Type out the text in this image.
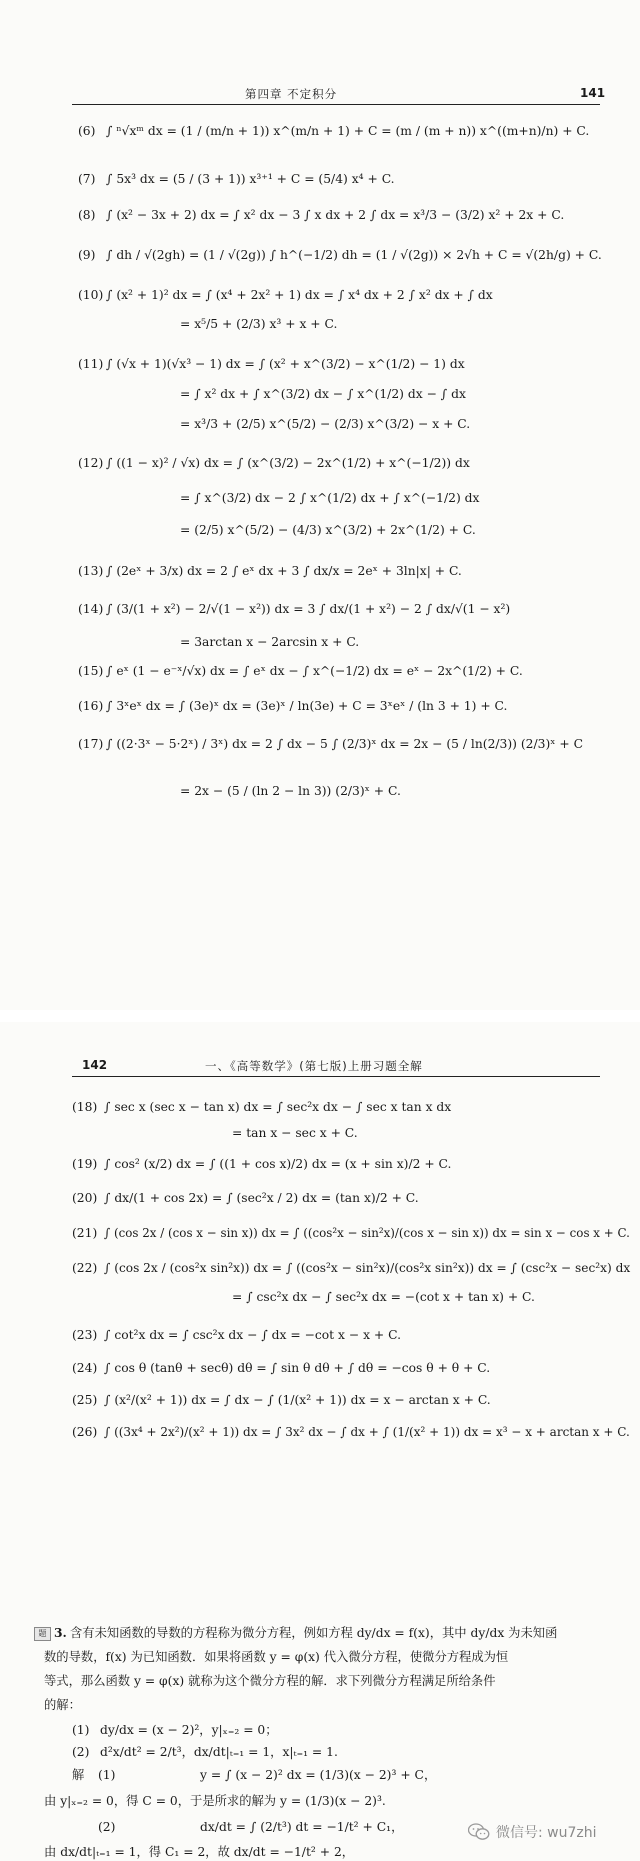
第四章 不定积分	141
(6) ∫ ⁿ√xᵐ dx = (1 / (m/n + 1)) x^(m/n + 1) + C = (m / (m + n)) x^((m+n)/n) + C.
(7) ∫ 5x³ dx = (5 / (3 + 1)) x³⁺¹ + C = (5/4) x⁴ + C.
(8) ∫ (x² − 3x + 2) dx = ∫ x² dx − 3 ∫ x dx + 2 ∫ dx = x³/3 − (3/2) x² + 2x + C.
(9) ∫ dh / √(2gh) = (1 / √(2g)) ∫ h^(−1/2) dh = (1 / √(2g)) × 2√h + C = √(2h/g) + C.
(10) ∫ (x² + 1)² dx = ∫ (x⁴ + 2x² + 1) dx = ∫ x⁴ dx + 2 ∫ x² dx + ∫ dx
= x⁵/5 + (2/3) x³ + x + C.
(11) ∫ (√x + 1)(√x³ − 1) dx = ∫ (x² + x^(3/2) − x^(1/2) − 1) dx
= ∫ x² dx + ∫ x^(3/2) dx − ∫ x^(1/2) dx − ∫ dx
= x³/3 + (2/5) x^(5/2) − (2/3) x^(3/2) − x + C.
(12) ∫ ((1 − x)² / √x) dx = ∫ (x^(3/2) − 2x^(1/2) + x^(−1/2)) dx
= ∫ x^(3/2) dx − 2 ∫ x^(1/2) dx + ∫ x^(−1/2) dx
= (2/5) x^(5/2) − (4/3) x^(3/2) + 2x^(1/2) + C.
(13) ∫ (2eˣ + 3/x) dx = 2 ∫ eˣ dx + 3 ∫ dx/x = 2eˣ + 3ln|x| + C.
(14) ∫ (3/(1 + x²) − 2/√(1 − x²)) dx = 3 ∫ dx/(1 + x²) − 2 ∫ dx/√(1 − x²)
= 3arctan x − 2arcsin x + C.
(15) ∫ eˣ (1 − e⁻ˣ/√x) dx = ∫ eˣ dx − ∫ x^(−1/2) dx = eˣ − 2x^(1/2) + C.
(16) ∫ 3ˣeˣ dx = ∫ (3e)ˣ dx = (3e)ˣ / ln(3e) + C = 3ˣeˣ / (ln 3 + 1) + C.
(17) ∫ ((2·3ˣ − 5·2ˣ) / 3ˣ) dx = 2 ∫ dx − 5 ∫ (2/3)ˣ dx = 2x − (5 / ln(2/3)) (2/3)ˣ + C
= 2x − (5 / (ln 2 − ln 3)) (2/3)ˣ + C.
142	一、《高等数学》(第七版)上册习题全解
(18) ∫ sec x (sec x − tan x) dx = ∫ sec²x dx − ∫ sec x tan x dx
= tan x − sec x + C.
(19) ∫ cos² (x/2) dx = ∫ ((1 + cos x)/2) dx = (x + sin x)/2 + C.
(20) ∫ dx/(1 + cos 2x) = ∫ (sec²x / 2) dx = (tan x)/2 + C.
(21) ∫ (cos 2x / (cos x − sin x)) dx = ∫ ((cos²x − sin²x)/(cos x − sin x)) dx = sin x − cos x + C.
(22) ∫ (cos 2x / (cos²x sin²x)) dx = ∫ ((cos²x − sin²x)/(cos²x sin²x)) dx = ∫ (csc²x − sec²x) dx
= ∫ csc²x dx − ∫ sec²x dx = −(cot x + tan x) + C.
(23) ∫ cot²x dx = ∫ csc²x dx − ∫ dx = −cot x − x + C.
(24) ∫ cos θ (tanθ + secθ) dθ = ∫ sin θ dθ + ∫ dθ = −cos θ + θ + C.
(25) ∫ (x²/(x² + 1)) dx = ∫ dx − ∫ (1/(x² + 1)) dx = x − arctan x + C.
(26) ∫ ((3x⁴ + 2x²)/(x² + 1)) dx = ∫ 3x² dx − ∫ dx + ∫ (1/(x² + 1)) dx = x³ − x + arctan x + C.
题 3. 含有未知函数的导数的方程称为微分方程，例如方程 dy/dx = f(x)，其中 dy/dx 为未知函
数的导数，f(x) 为已知函数．如果将函数 y = φ(x) 代入微分方程，使微分方程成为恒
等式，那么函数 y = φ(x) 就称为这个微分方程的解．求下列微分方程满足所给条件
的解：
(1) dy/dx = (x − 2)²，y|ₓ₌₂ = 0；
(2) d²x/dt² = 2/t³，dx/dt|ₜ₌₁ = 1，x|ₜ₌₁ = 1.
解 (1)	y = ∫ (x − 2)² dx = (1/3)(x − 2)³ + C，
由 y|ₓ₌₂ = 0，得 C = 0，于是所求的解为 y = (1/3)(x − 2)³.
(2)	dx/dt = ∫ (2/t³) dt = −1/t² + C₁，
由 dx/dt|ₜ₌₁ = 1，得 C₁ = 2，故 dx/dt = −1/t² + 2，
微信号: wu7zhi
